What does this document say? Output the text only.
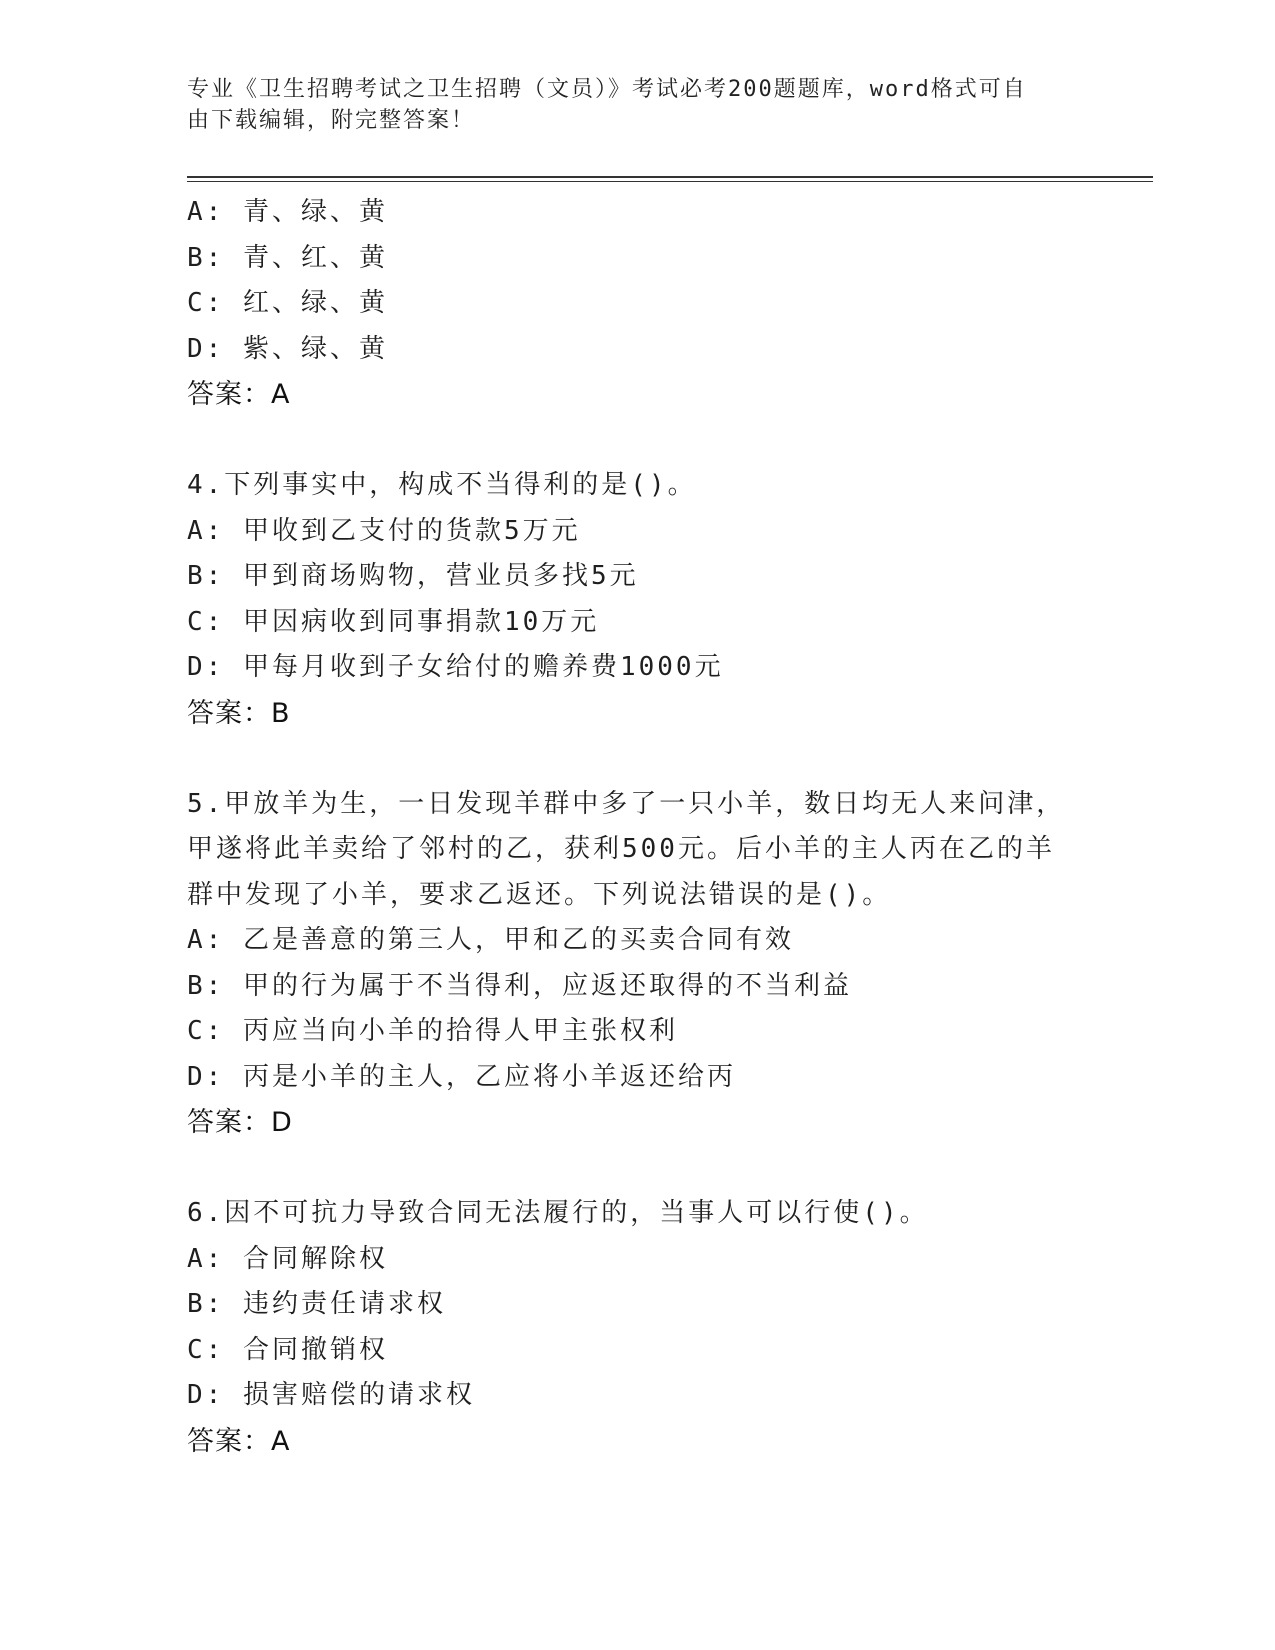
专业《卫生招聘考试之卫生招聘（文员）》考试必考200题题库，word格式可自
由下载编辑，附完整答案！
A: 青、绿、黄
B: 青、红、黄
C: 红、绿、黄
D: 紫、绿、黄
答案：A
4.下列事实中，构成不当得利的是()。
A: 甲收到乙支付的货款5万元
B: 甲到商场购物，营业员多找5元
C: 甲因病收到同事捐款10万元
D: 甲每月收到子女给付的赡养费1000元
答案：B
5.甲放羊为生，一日发现羊群中多了一只小羊，数日均无人来问津，
甲遂将此羊卖给了邻村的乙，获利500元。后小羊的主人丙在乙的羊
群中发现了小羊，要求乙返还。下列说法错误的是()。
A: 乙是善意的第三人，甲和乙的买卖合同有效
B: 甲的行为属于不当得利，应返还取得的不当利益
C: 丙应当向小羊的拾得人甲主张权利
D: 丙是小羊的主人，乙应将小羊返还给丙
答案：D
6.因不可抗力导致合同无法履行的，当事人可以行使()。
A: 合同解除权
B: 违约责任请求权
C: 合同撤销权
D: 损害赔偿的请求权
答案：A
